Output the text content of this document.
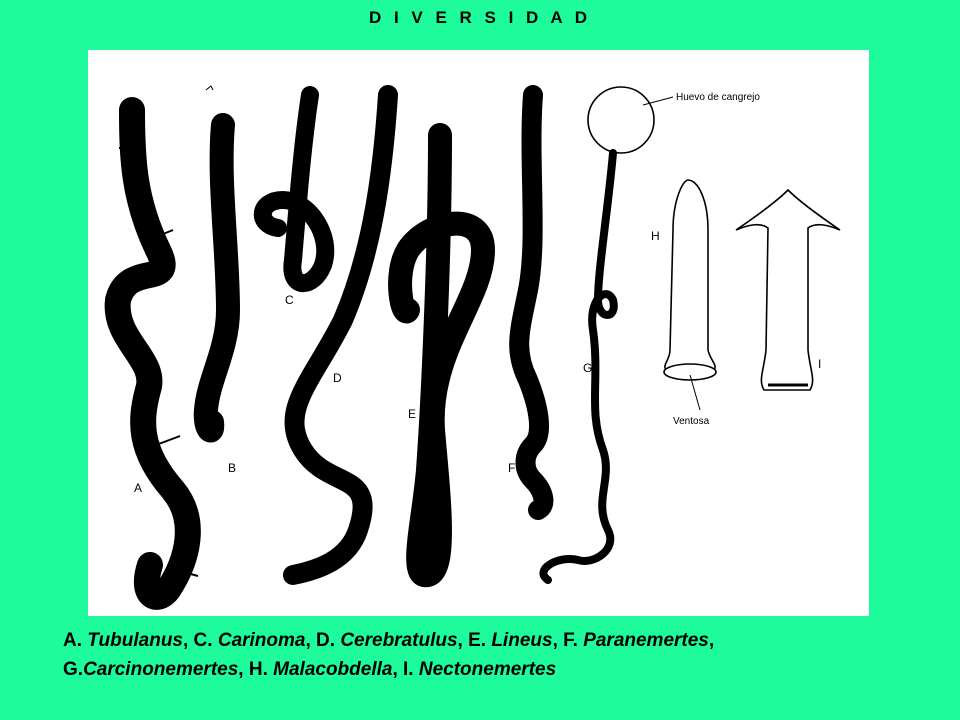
D I V E R S I D A D
A
B
C
D
E
F
Huevo de cangrejo
G
H
Ventosa
I
A. Tubulanus, C. Carinoma, D. Cerebratulus, E. Lineus, F. Paranemertes,
G.Carcinonemertes, H. Malacobdella, I. Nectonemertes
